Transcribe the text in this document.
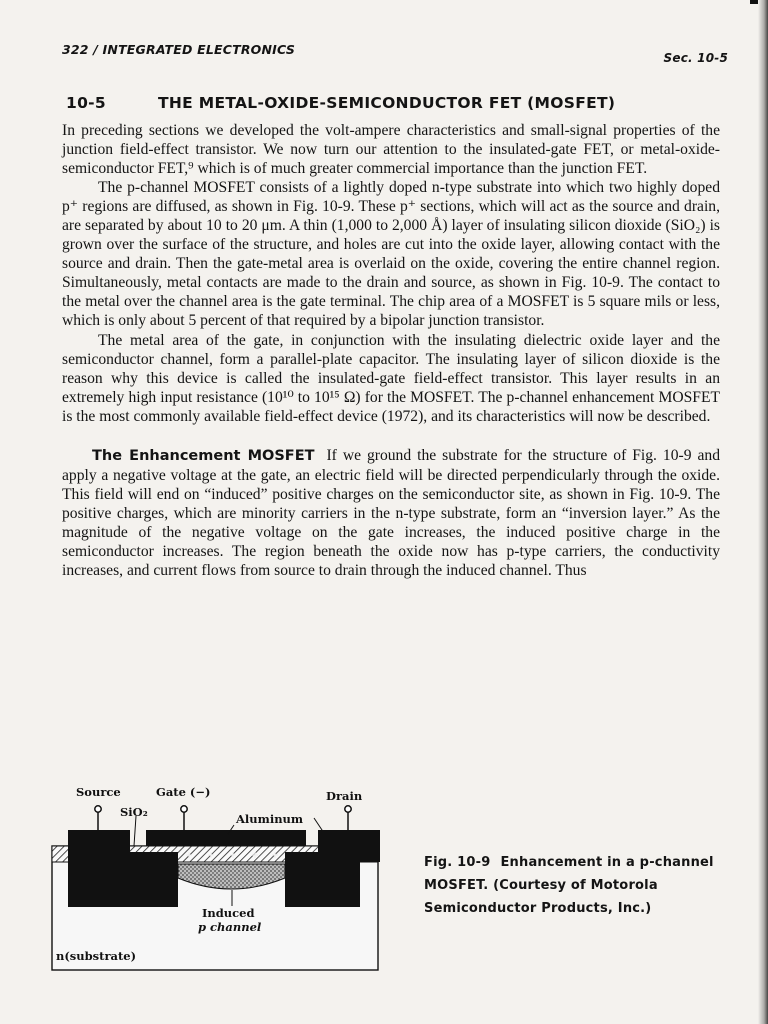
322 / INTEGRATED ELECTRONICS
Sec. 10-5
10-5	THE METAL-OXIDE-SEMICONDUCTOR FET (MOSFET)

In preceding sections we developed the volt-ampere characteristics and small-signal properties of the junction field-effect transistor. We now turn our attention to the insulated-gate FET, or metal-oxide-semiconductor FET,⁹ which is of much greater commercial importance than the junction FET.

The p-channel MOSFET consists of a lightly doped n-type substrate into which two highly doped p⁺ regions are diffused, as shown in Fig. 10-9. These p⁺ sections, which will act as the source and drain, are separated by about 10 to 20 μm. A thin (1,000 to 2,000 Å) layer of insulating silicon dioxide (SiO₂) is grown over the surface of the structure, and holes are cut into the oxide layer, allowing contact with the source and drain. Then the gate-metal area is overlaid on the oxide, covering the entire channel region. Simultaneously, metal contacts are made to the drain and source, as shown in Fig. 10-9. The contact to the metal over the channel area is the gate terminal. The chip area of a MOSFET is 5 square mils or less, which is only about 5 percent of that required by a bipolar junction transistor.

The metal area of the gate, in conjunction with the insulating dielectric oxide layer and the semiconductor channel, form a parallel-plate capacitor. The insulating layer of silicon dioxide is the reason why this device is called the insulated-gate field-effect transistor. This layer results in an extremely high input resistance (10¹⁰ to 10¹⁵ Ω) for the MOSFET. The p-channel enhancement MOSFET is the most commonly available field-effect device (1972), and its characteristics will now be described.

The Enhancement MOSFET If we ground the substrate for the structure of Fig. 10-9 and apply a negative voltage at the gate, an electric field will be directed perpendicularly through the oxide. This field will end on “induced” positive charges on the semiconductor site, as shown in Fig. 10-9. The positive charges, which are minority carriers in the n-type substrate, form an “inversion layer.” As the magnitude of the negative voltage on the gate increases, the induced positive charge in the semiconductor increases. The region beneath the oxide now has p-type carriers, the conductivity increases, and current flows from source to drain through the induced channel. Thus

Source	Gate (−)	Drain
SiO₂	Aluminum
Induced
p channel
n(substrate)
Fig. 10-9 Enhancement in a p-channel MOSFET. (Courtesy of Motorola Semiconductor Products, Inc.)
